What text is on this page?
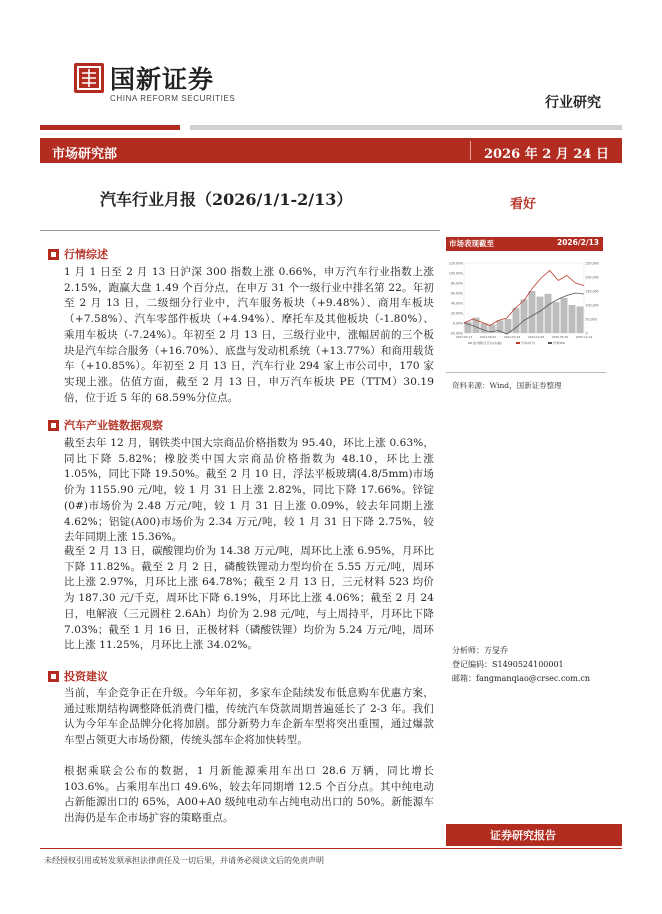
国新证券
CHINA REFORM SECURITIES	行业研究
市场研究部	2026 年 2 月 24 日
汽车行业月报（2026/1/1-2/13）	看好
行情综述
1 月 1 日至 2 月 13 日沪深 300 指数上涨 0.66%，申万汽车行业指数上涨 2.15%，跑赢大盘 1.49 个百分点，在申万 31 个一级行业中排名第 22。年初至 2 月 13 日，二级细分行业中，汽车服务板块（+9.48%）、商用车板块（+7.58%）、汽车零部件板块（+4.94%）、摩托车及其他板块（-1.80%）、乘用车板块（-7.24%）。年初至 2 月 13 日，三级行业中，涨幅居前的三个板块是汽车综合服务（+16.70%）、底盘与发动机系统（+13.77%）和商用载货车（+10.85%）。年初至 2 月 13 日，汽车行业 294 家上市公司中，170 家实现上涨。估值方面，截至 2 月 13 日，申万汽车板块 PE（TTM）30.19 倍，位于近 5 年的 68.59%分位点。
汽车产业链数据观察
截至去年 12 月，钢铁类中国大宗商品价格指数为 95.40，环比上涨 0.63%，同比下降 5.82%；橡胶类中国大宗商品价格指数为 48.10，环比上涨 1.05%，同比下降 19.50%。截至 2 月 10 日，浮法平板玻璃(4.8/5mm)市场价为 1155.90 元/吨，较 1 月 31 日上涨 2.82%，同比下降 17.66%。锌锭(0#)市场价为 2.48 万元/吨，较 1 月 31 日上涨 0.09%，较去年同期上涨 4.62%；铝锭(A00)市场价为 2.34 万元/吨，较 1 月 31 日下降 2.75%，较去年同期上涨 15.36%。
截至 2 月 13 日，碳酸锂均价为 14.38 万元/吨，周环比上涨 6.95%，月环比下降 11.82%。截至 2 月 2 日，磷酸铁锂动力型均价在 5.55 万元/吨，周环比上涨 2.97%，月环比上涨 64.78%；截至 2 月 13 日，三元材料 523 均价为 187.30 元/千克，周环比下降 6.19%，月环比上涨 4.06%；截至 2 月 24 日，电解液（三元圆柱 2.6Ah）均价为 2.98 元/吨，与上周持平，月环比下降 7.03%；截至 1 月 16 日，正极材料（磷酸铁锂）均价为 5.24 万元/吨，周环比上涨 11.25%，月环比上涨 34.02%。
投资建议
当前，车企竞争正在升级。今年年初，多家车企陆续发布低息购车优惠方案，通过账期结构调整降低消费门槛，传统汽车贷款周期普遍延长了 2-3 年。我们认为今年车企品牌分化将加剧。部分新势力车企新车型将突出重围，通过爆款车型占领更大市场份额，传统头部车企将加快转型。
根据乘联会公布的数据，1 月新能源乘用车出口 28.6 万辆，同比增长 103.6%。占乘用车出口 49.6%，较去年同期增 12.5 个百分点。其中纯电动占新能源出口的 65%，A00+A0 级纯电动车占纯电动出口的 50%。新能源车出海仍是车企市场扩容的策略重点。
市场表现截至	2026/2/13
120.00%
100.00%
80.00%
60.00%
40.00%
20.00%
0.00%
-20.00%
250,000
200,000
150,000
100,000
50,000
0
2023-02-13	2023-09-05	2024-03-28	2024-10-28	2025-05-30	2025-12-19
成交额(百万元)(右轴)	汽车(申万)	沪深300
资料来源：Wind，国新证券整理
分析师：方旻乔
登记编码：S1490524100001
邮箱：fangmanqiao@crsec.com.cn
证券研究报告
未经授权引用或转发须承担法律责任及一切后果，并请务必阅读文后的免责声明
